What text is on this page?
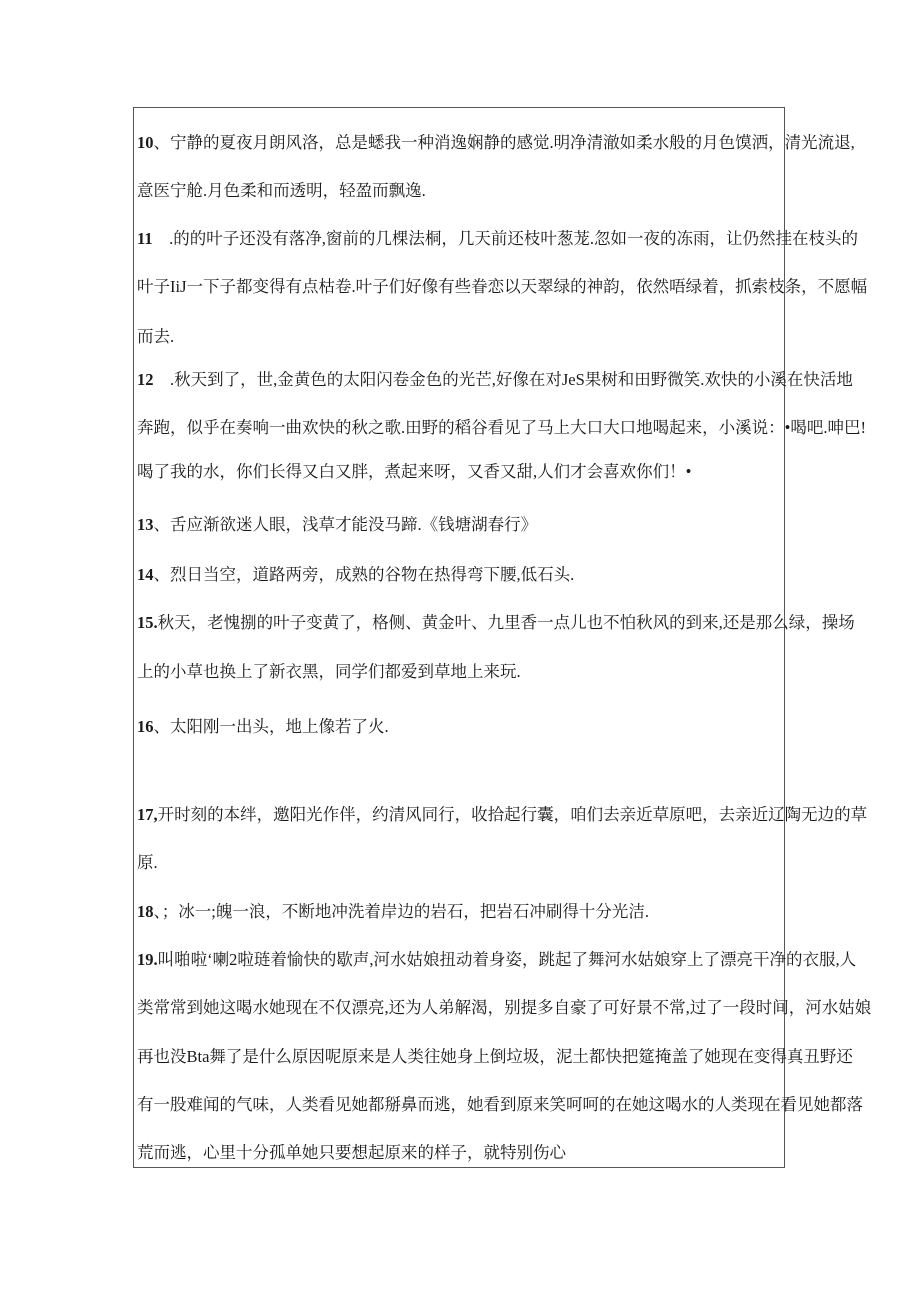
10、宁静的夏夜月朗风洛，总是蟋我一种消逸娴静的感觉.明净清澈如柔水般的月色馍洒，清光流退,
意医宁舱.月色柔和而透明，轻盈而飘逸.
11　.的的叶子还没有落净,窗前的几棵法桐，几天前还枝叶葱茏.忽如一夜的冻雨，让仍然挂在枝头的
叶子IiJ一下子都变得有点枯卷.叶子们好像有些眷恋以天翠绿的神韵，依然唔绿着，抓索枝条，不愿幅
而去.
12　.秋天到了，世,金黄色的太阳闪卷金色的光芒,好像在对JeS果树和田野微笑.欢快的小溪在快活地
奔跑，似乎在奏响一曲欢快的秋之歌.田野的稻谷看见了马上大口大口地喝起来，小溪说：•喝吧.呻巴!
喝了我的水，你们长得又白又胖，煮起来呀，又香又甜,人们才会喜欢你们！•
13、舌应渐欲迷人眼，浅草才能没马蹄.《钱塘湖春行》
14、烈日当空，道路两旁，成熟的谷物在热得弯下腰,低石头.
15.秋天，老愧捌的叶子变黄了，格侧、黄金叶、九里香一点儿也不怕秋风的到来,还是那么绿，操场
上的小草也换上了新衣黑，同学们都爱到草地上来玩.
16、太阳刚一出头，地上像若了火.
17,开时刻的本绊，邀阳光作伴，约清风同行，收拾起行囊，咱们去亲近草原吧，去亲近辽陶无边的草
原.
18、；冰一;魄一浪，不断地冲洗着岸边的岩石，把岩石冲刷得十分光洁.
19.叫啪啦‘喇2啦琏着愉快的歇声,河水姑娘扭动着身姿，跳起了舞河水姑娘穿上了漂亮干净的衣服,人
类常常到她这喝水她现在不仅漂亮,还为人弟解渴，别提多自豪了可好景不常,过了一段时间，河水姑娘
再也没Bta舞了是什么原因呢原来是人类往她身上倒垃圾，泥土都快把筵掩盖了她现在变得真丑野还
有一股难闻的气味，人类看见她都掰鼻而逃，她看到原来笑呵呵的在她这喝水的人类现在看见她都落
荒而逃，心里十分孤单她只要想起原来的样子，就特别伤心
